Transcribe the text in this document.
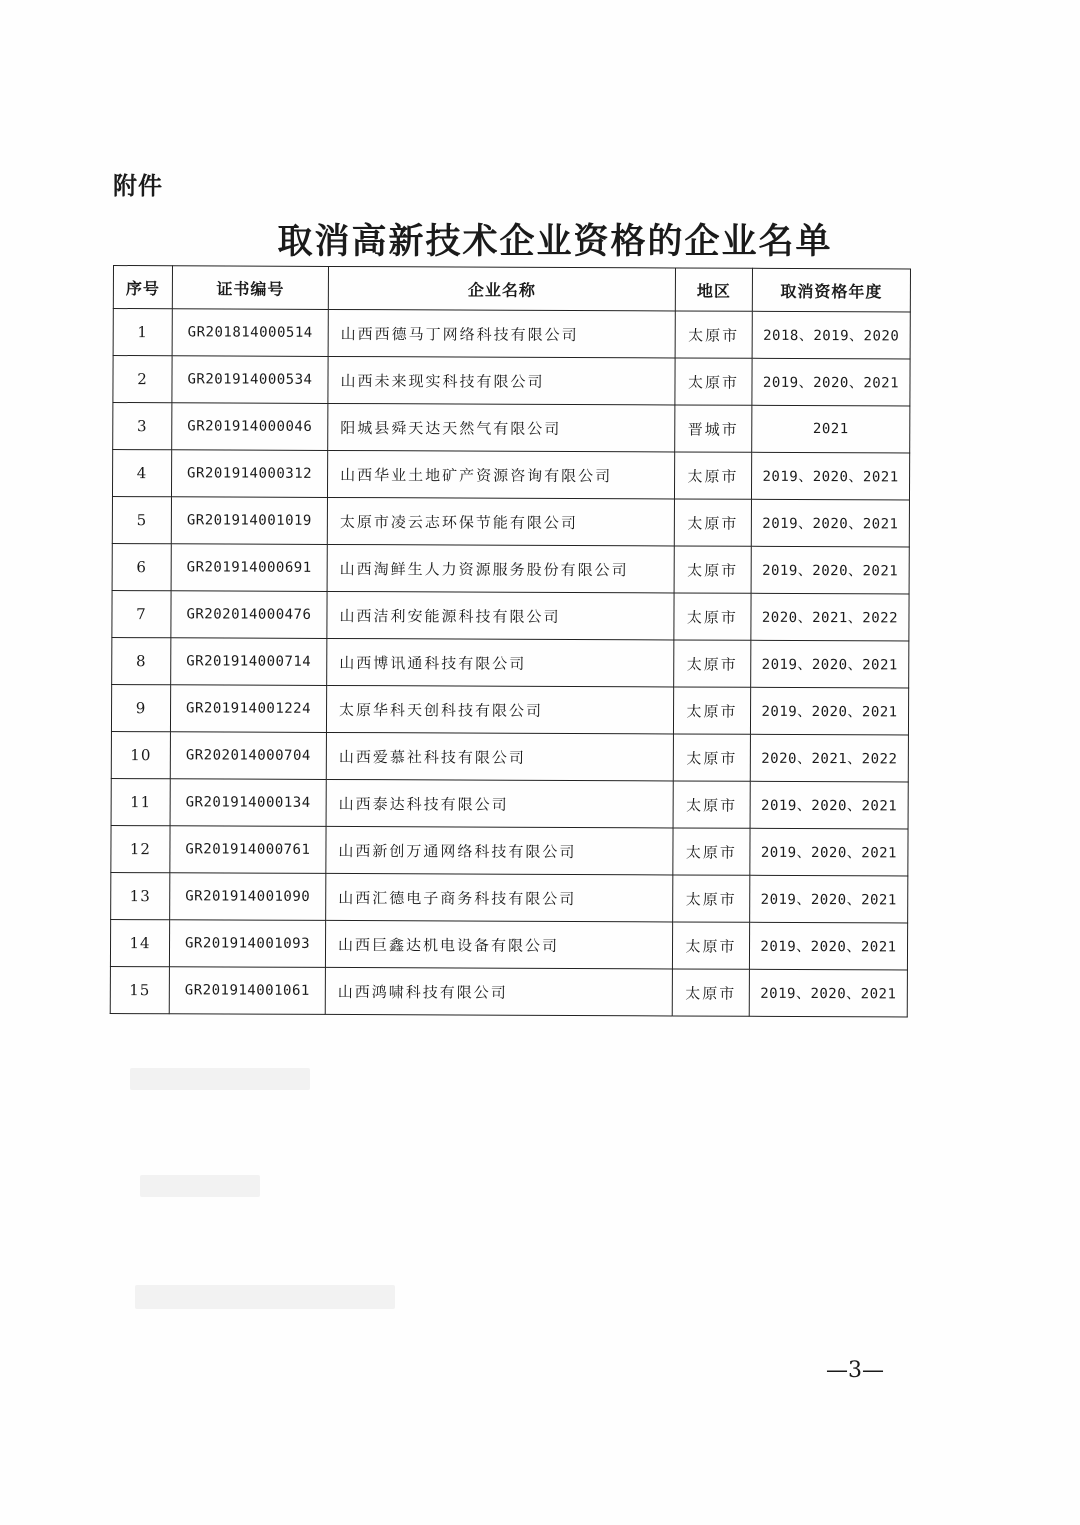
附件
取消高新技术企业资格的企业名单
序号	证书编号	企业名称	地区	取消资格年度
1	GR201814000514	山西西德马丁网络科技有限公司	太原市	2018、2019、2020
2	GR201914000534	山西未来现实科技有限公司	太原市	2019、2020、2021
3	GR201914000046	阳城县舜天达天然气有限公司	晋城市	2021
4	GR201914000312	山西华业土地矿产资源咨询有限公司	太原市	2019、2020、2021
5	GR201914001019	太原市凌云志环保节能有限公司	太原市	2019、2020、2021
6	GR201914000691	山西淘鲜生人力资源服务股份有限公司	太原市	2019、2020、2021
7	GR202014000476	山西洁利安能源科技有限公司	太原市	2020、2021、2022
8	GR201914000714	山西博讯通科技有限公司	太原市	2019、2020、2021
9	GR201914001224	太原华科天创科技有限公司	太原市	2019、2020、2021
10	GR202014000704	山西爱慕社科技有限公司	太原市	2020、2021、2022
11	GR201914000134	山西泰达科技有限公司	太原市	2019、2020、2021
12	GR201914000761	山西新创万通网络科技有限公司	太原市	2019、2020、2021
13	GR201914001090	山西汇德电子商务科技有限公司	太原市	2019、2020、2021
14	GR201914001093	山西巨鑫达机电设备有限公司	太原市	2019、2020、2021
15	GR201914001061	山西鸿啸科技有限公司	太原市	2019、2020、2021
—3—
